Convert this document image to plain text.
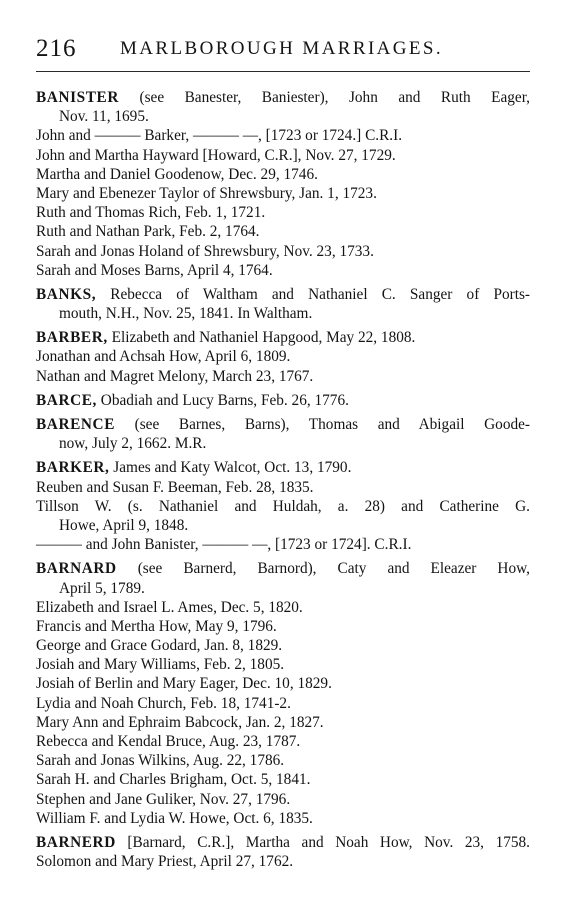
216 MARLBOROUGH MARRIAGES.
BANISTER (see Banester, Baniester), John and Ruth Eager,
Nov. 11, 1695.
John and ——— Barker, ——— —, [1723 or 1724.] C.R.I.
John and Martha Hayward [Howard, C.R.], Nov. 27, 1729.
Martha and Daniel Goodenow, Dec. 29, 1746.
Mary and Ebenezer Taylor of Shrewsbury, Jan. 1, 1723.
Ruth and Thomas Rich, Feb. 1, 1721.
Ruth and Nathan Park, Feb. 2, 1764.
Sarah and Jonas Holand of Shrewsbury, Nov. 23, 1733.
Sarah and Moses Barns, April 4, 1764.
BANKS, Rebecca of Waltham and Nathaniel C. Sanger of Ports-
mouth, N.H., Nov. 25, 1841. In Waltham.
BARBER, Elizabeth and Nathaniel Hapgood, May 22, 1808.
Jonathan and Achsah How, April 6, 1809.
Nathan and Magret Melony, March 23, 1767.
BARCE, Obadiah and Lucy Barns, Feb. 26, 1776.
BARENCE (see Barnes, Barns), Thomas and Abigail Goode-
now, July 2, 1662. M.R.
BARKER, James and Katy Walcot, Oct. 13, 1790.
Reuben and Susan F. Beeman, Feb. 28, 1835.
Tillson W. (s. Nathaniel and Huldah, a. 28) and Catherine G.
Howe, April 9, 1848.
——— and John Banister, ——— —, [1723 or 1724]. C.R.I.
BARNARD (see Barnerd, Barnord), Caty and Eleazer How,
April 5, 1789.
Elizabeth and Israel L. Ames, Dec. 5, 1820.
Francis and Mertha How, May 9, 1796.
George and Grace Godard, Jan. 8, 1829.
Josiah and Mary Williams, Feb. 2, 1805.
Josiah of Berlin and Mary Eager, Dec. 10, 1829.
Lydia and Noah Church, Feb. 18, 1741-2.
Mary Ann and Ephraim Babcock, Jan. 2, 1827.
Rebecca and Kendal Bruce, Aug. 23, 1787.
Sarah and Jonas Wilkins, Aug. 22, 1786.
Sarah H. and Charles Brigham, Oct. 5, 1841.
Stephen and Jane Guliker, Nov. 27, 1796.
William F. and Lydia W. Howe, Oct. 6, 1835.
BARNERD [Barnard, C.R.], Martha and Noah How, Nov. 23, 1758.
Solomon and Mary Priest, April 27, 1762.
